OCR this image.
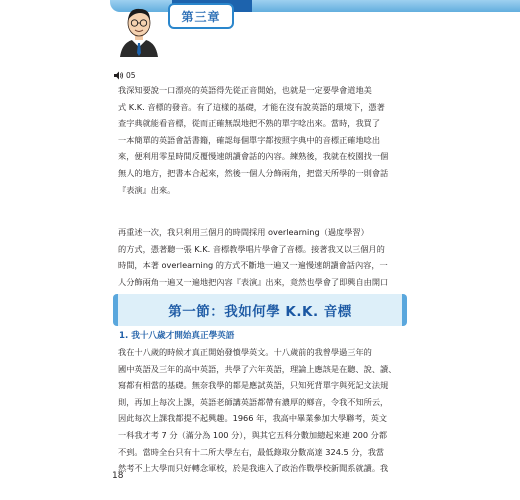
第三章
05
我深知要說一口漂亮的英語得先從正音開始，也就是一定要學會道地美
式 K.K. 音標的發音。有了這樣的基礎，才能在沒有說英語的環境下，憑著
查字典就能看音標，從而正確無誤地把不熟的單字唸出來。當時，我買了
一本簡單的英語會話書籍，確認每個單字都按照字典中的音標正確地唸出
來，便利用零星時間反覆慢速朗讀會話的內容。練熟後，我就在校園找一個
無人的地方，把書本合起來，然後一個人分飾兩角，把當天所學的一則會話
『表演』出來。
再重述一次，我只利用三個月的時間採用 overlearning（過度學習）
的方式，憑著聽一張 K.K. 音標教學唱片學會了音標。接著我又以三個月的
時間，本著 overlearning 的方式不斷地一遍又一遍慢速朗讀會話內容，一
人分飾兩角一遍又一遍地把內容『表演』出來，竟然也學會了即興自由開口
第一節：我如何學 K.K. 音標
1. 我十八歲才開始真正學英語
我在十八歲的時候才真正開始發憤學英文。十八歲前的我曾學過三年的
國中英語及三年的高中英語，共學了六年英語，理論上應該是在聽、說、讀、
寫都有相當的基礎。無奈我學的都是應試英語，只知死背單字與死記文法規
則，再加上每次上課，英語老師講英語都帶有濃厚的鄉音，令我不知所云，
因此每次上課我都提不起興趣。1966 年，我高中畢業參加大學聯考，英文
一科我才考 7 分（滿分為 100 分），與其它五科分數加總起來連 200 分都
不到。當時全台只有十二所大學左右，最低錄取分數高達 324.5 分，我當
然考不上大學而只好轉念軍校，於是我進入了政治作戰學校新聞系就讀。我
18
